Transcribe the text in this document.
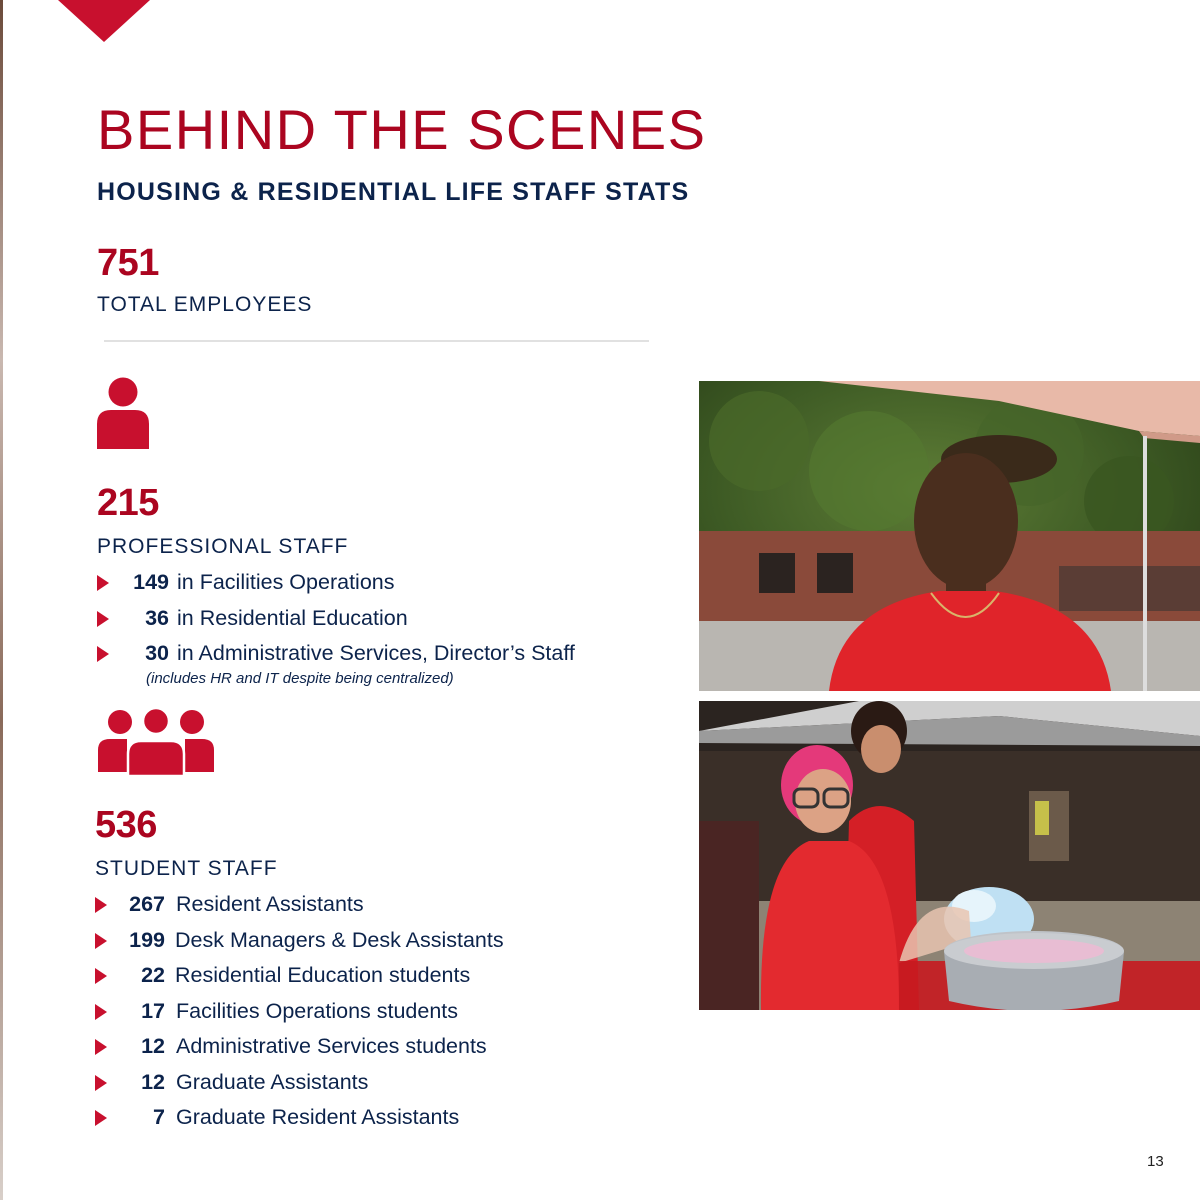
BEHIND THE SCENES
HOUSING & RESIDENTIAL LIFE STAFF STATS
751
TOTAL EMPLOYEES
215
PROFESSIONAL STAFF
149 in Facilities Operations
36 in Residential Education
30 in Administrative Services, Director’s Staff

(includes HR and IT despite being centralized)

536
STUDENT STAFF
267 Resident Assistants
199 Desk Managers & Desk Assistants
22 Residential Education students
17 Facilities Operations students
12 Administrative Services students
12 Graduate Assistants
7 Graduate Resident Assistants
13
